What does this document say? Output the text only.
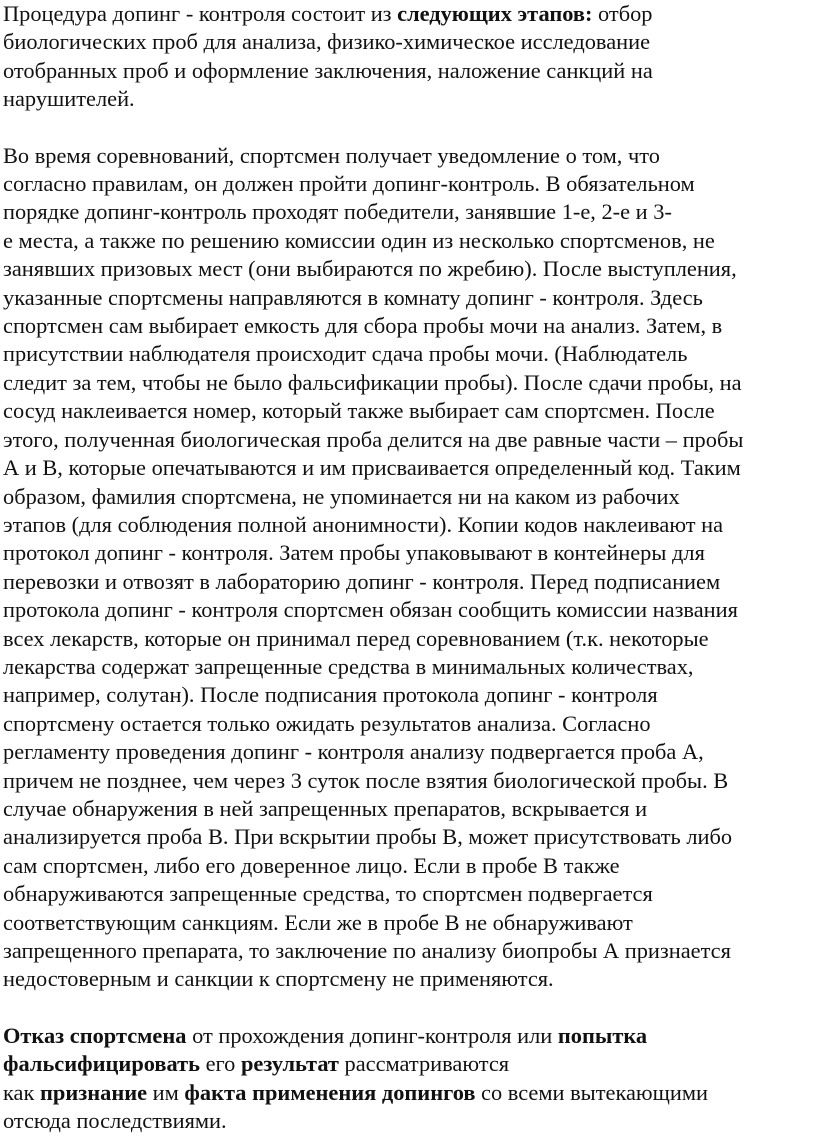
Процедура допинг - контроля состоит из следующих этапов: отбор
биологических проб для анализа, физико-химическое исследование
отобранных проб и оформление заключения, наложение санкций на
нарушителей.

Во время соревнований, спортсмен получает уведомление о том, что
согласно правилам, он должен пройти допинг-контроль. В обязательном
порядке допинг-контроль проходят победители, занявшие 1-е, 2-е и 3-
е места, а также по решению комиссии один из несколько спортсменов, не
занявших призовых мест (они выбираются по жребию). После выступления,
указанные спортсмены направляются в комнату допинг - контроля. Здесь
спортсмен сам выбирает емкость для сбора пробы мочи на анализ. Затем, в
присутствии наблюдателя происходит сдача пробы мочи. (Наблюдатель
следит за тем, чтобы не было фальсификации пробы). После сдачи пробы, на
сосуд наклеивается номер, который также выбирает сам спортсмен. После
этого, полученная биологическая проба делится на две равные части – пробы
А и В, которые опечатываются и им присваивается определенный код. Таким
образом, фамилия спортсмена, не упоминается ни на каком из рабочих
этапов (для соблюдения полной анонимности). Копии кодов наклеивают на
протокол допинг - контроля. Затем пробы упаковывают в контейнеры для
перевозки и отвозят в лабораторию допинг - контроля. Перед подписанием
протокола допинг - контроля спортсмен обязан сообщить комиссии названия
всех лекарств, которые он принимал перед соревнованием (т.к. некоторые
лекарства содержат запрещенные средства в минимальных количествах,
например, солутан). После подписания протокола допинг - контроля
спортсмену остается только ожидать результатов анализа. Согласно
регламенту проведения допинг - контроля анализу подвергается проба А,
причем не позднее, чем через 3 суток после взятия биологической пробы. В
случае обнаружения в ней запрещенных препаратов, вскрывается и
анализируется проба В. При вскрытии пробы В, может присутствовать либо
сам спортсмен, либо его доверенное лицо. Если в пробе В также
обнаруживаются запрещенные средства, то спортсмен подвергается
соответствующим санкциям. Если же в пробе В не обнаруживают
запрещенного препарата, то заключение по анализу биопробы А признается
недостоверным и санкции к спортсмену не применяются.

Отказ спортсмена от прохождения допинг-контроля или попытка
фальсифицировать его результат рассматриваются
как признание им факта применения допингов со всеми вытекающими
отсюда последствиями.
